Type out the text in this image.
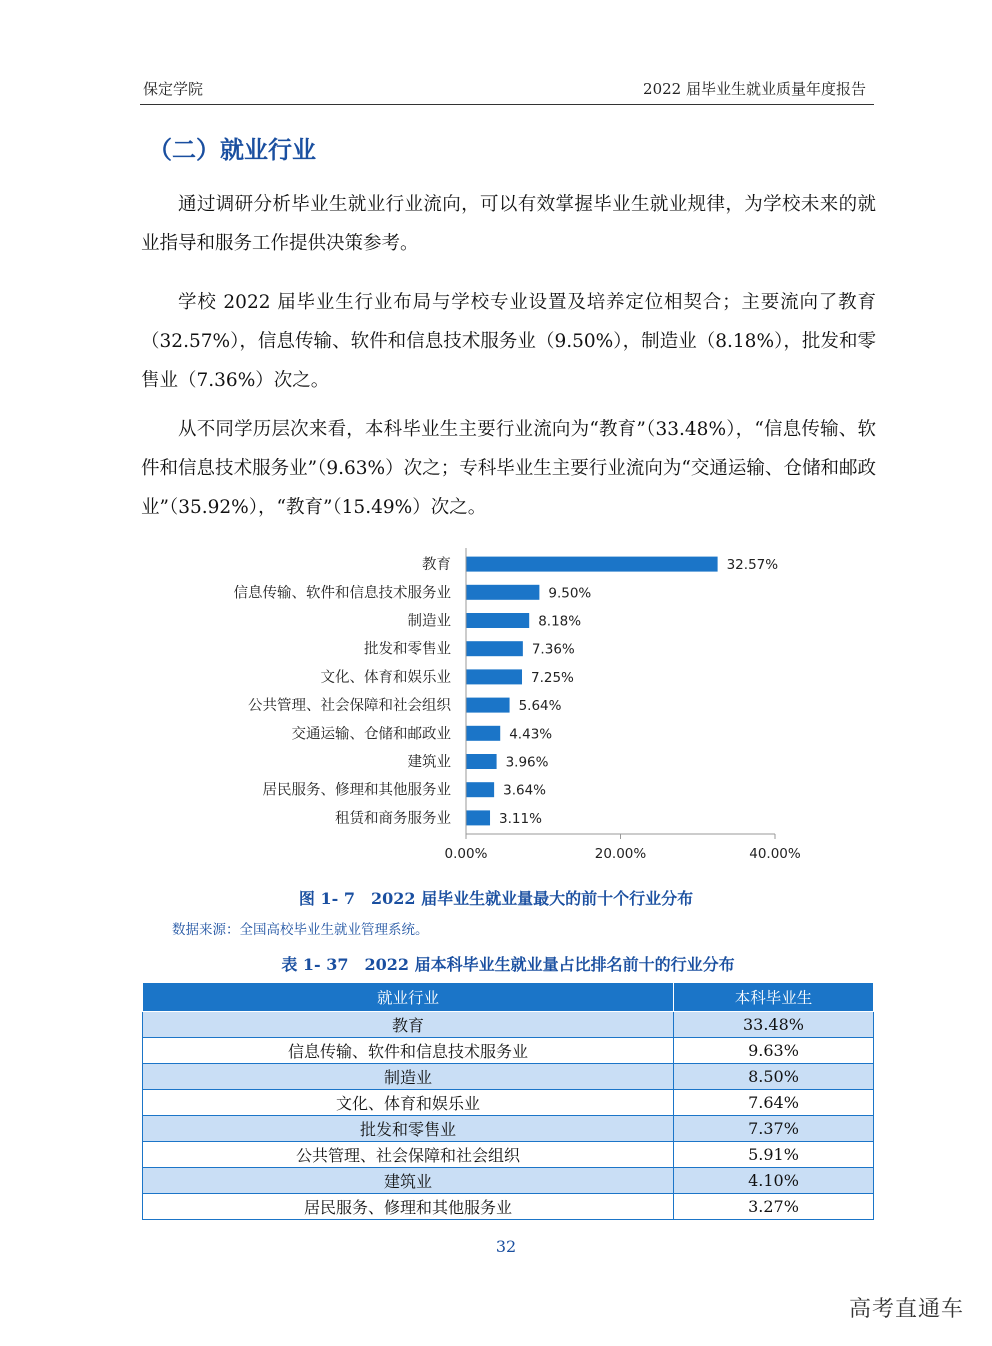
保定学院	2022 届毕业生就业质量年度报告
（二）就业行业
通过调研分析毕业生就业行业流向，可以有效掌握毕业生就业规律，为学校未来的就业指导和服务工作提供决策参考。
学校 2022 届毕业生行业布局与学校专业设置及培养定位相契合；主要流向了教育（32.57%），信息传输、软件和信息技术服务业（9.50%），制造业（8.18%），批发和零售业（7.36%）次之。
从不同学历层次来看，本科毕业生主要行业流向为“教育”（33.48%），“信息传输、软件和信息技术服务业”（9.63%）次之；专科毕业生主要行业流向为“交通运输、仓储和邮政业”（35.92%），“教育”（15.49%）次之。
教育	32.57%
信息传输、软件和信息技术服务业	9.50%
制造业	8.18%
批发和零售业	7.36%
文化、体育和娱乐业	7.25%
公共管理、社会保障和社会组织	5.64%
交通运输、仓储和邮政业	4.43%
建筑业	3.96%
居民服务、修理和其他服务业	3.64%
租赁和商务服务业	3.11%
0.00%	20.00%	40.00%
图 1- 7　2022 届毕业生就业量最大的前十个行业分布
数据来源：全国高校毕业生就业管理系统。
表 1- 37　2022 届本科毕业生就业量占比排名前十的行业分布
就业行业	本科毕业生
教育	33.48%
信息传输、软件和信息技术服务业	9.63%
制造业	8.50%
文化、体育和娱乐业	7.64%
批发和零售业	7.37%
公共管理、社会保障和社会组织	5.91%
建筑业	4.10%
居民服务、修理和其他服务业	3.27%
32
高考直通车
